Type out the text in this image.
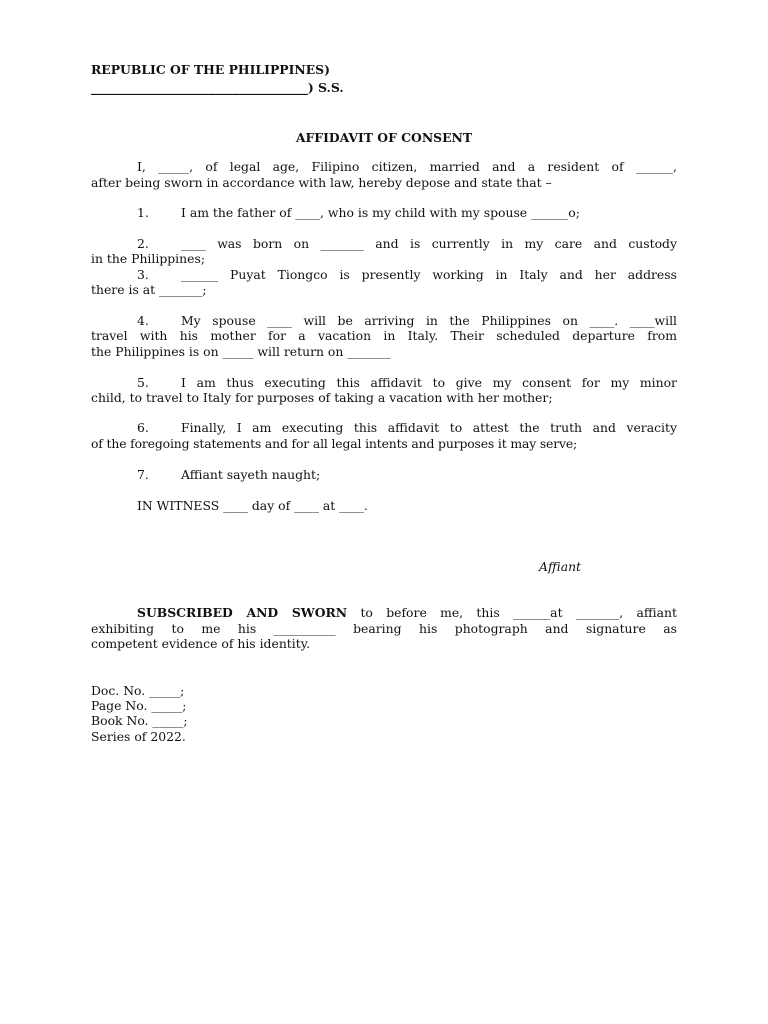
REPUBLIC OF THE PHILIPPINES)
___________________________________) S.S.
AFFIDAVIT OF CONSENT
I, _____, of legal age, Filipino citizen, married and a resident of ______,
after being sworn in accordance with law, hereby depose and state that –
1.	I am the father of ____, who is my child with my spouse ______o;
2.	____ was born on _______ and is currently in my care and custody
in the Philippines;
3.	______ Puyat Tiongco is presently working in Italy and her address
there is at _______;
4.	My spouse ____ will be arriving in the Philippines on ____. ____will
travel with his mother for a vacation in Italy. Their scheduled departure from
the Philippines is on _____ will return on _______
5.	I am thus executing this affidavit to give my consent for my minor
child, to travel to Italy for purposes of taking a vacation with her mother;
6.	Finally, I am executing this affidavit to attest the truth and veracity
of the foregoing statements and for all legal intents and purposes it may serve;
7.	Affiant sayeth naught;
IN WITNESS ____ day of ____ at ____.
Affiant
SUBSCRIBED AND SWORN to before me, this ______at _______, affiant
exhibiting to me his __________ bearing his photograph and signature as
competent evidence of his identity.
Doc. No. _____;
Page No. _____;
Book No. _____;
Series of 2022.
